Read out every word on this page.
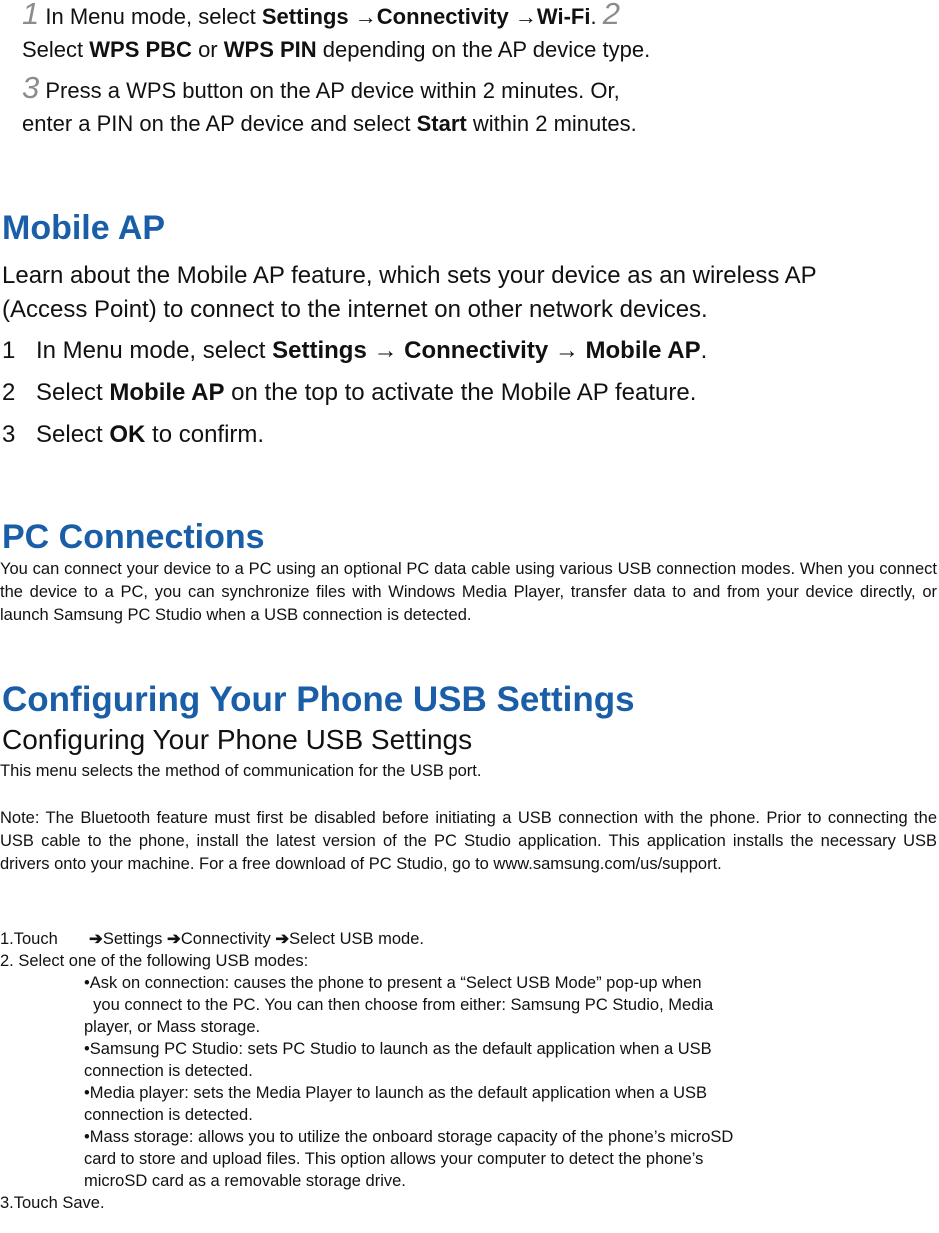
1 In Menu mode, select Settings →Connectivity →Wi-Fi. 2
Select WPS PBC or WPS PIN depending on the AP device type.
3 Press a WPS button on the AP device within 2 minutes. Or,
enter a PIN on the AP device and select Start within 2 minutes.
Mobile AP
Learn about the Mobile AP feature, which sets your device as an wireless AP
(Access Point) to connect to the internet on other network devices.
1 In Menu mode, select Settings → Connectivity → Mobile AP.
2 Select Mobile AP on the top to activate the Mobile AP feature.
3 Select OK to confirm.
PC Connections
You can connect your device to a PC using an optional PC data cable using various USB connection modes. When you connect the device to a PC, you can synchronize files with Windows Media Player, transfer data to and from your device directly, or launch Samsung PC Studio when a USB connection is detected.
Configuring Your Phone USB Settings
Configuring Your Phone USB Settings
This menu selects the method of communication for the USB port.
Note: The Bluetooth feature must first be disabled before initiating a USB connection with the phone. Prior to connecting the USB cable to the phone, install the latest version of the PC Studio application. This application installs the necessary USB drivers onto your machine. For a free download of PC Studio, go to www.samsung.com/us/support.
1.Touch ➔Settings ➔Connectivity ➔Select USB mode.
2. Select one of the following USB modes:
•Ask on connection: causes the phone to present a “Select USB Mode” pop-up when
you connect to the PC. You can then choose from either: Samsung PC Studio, Media
player, or Mass storage.
•Samsung PC Studio: sets PC Studio to launch as the default application when a USB
connection is detected.
•Media player: sets the Media Player to launch as the default application when a USB
connection is detected.
•Mass storage: allows you to utilize the onboard storage capacity of the phone’s microSD
card to store and upload files. This option allows your computer to detect the phone’s
microSD card as a removable storage drive.
3.Touch Save.
